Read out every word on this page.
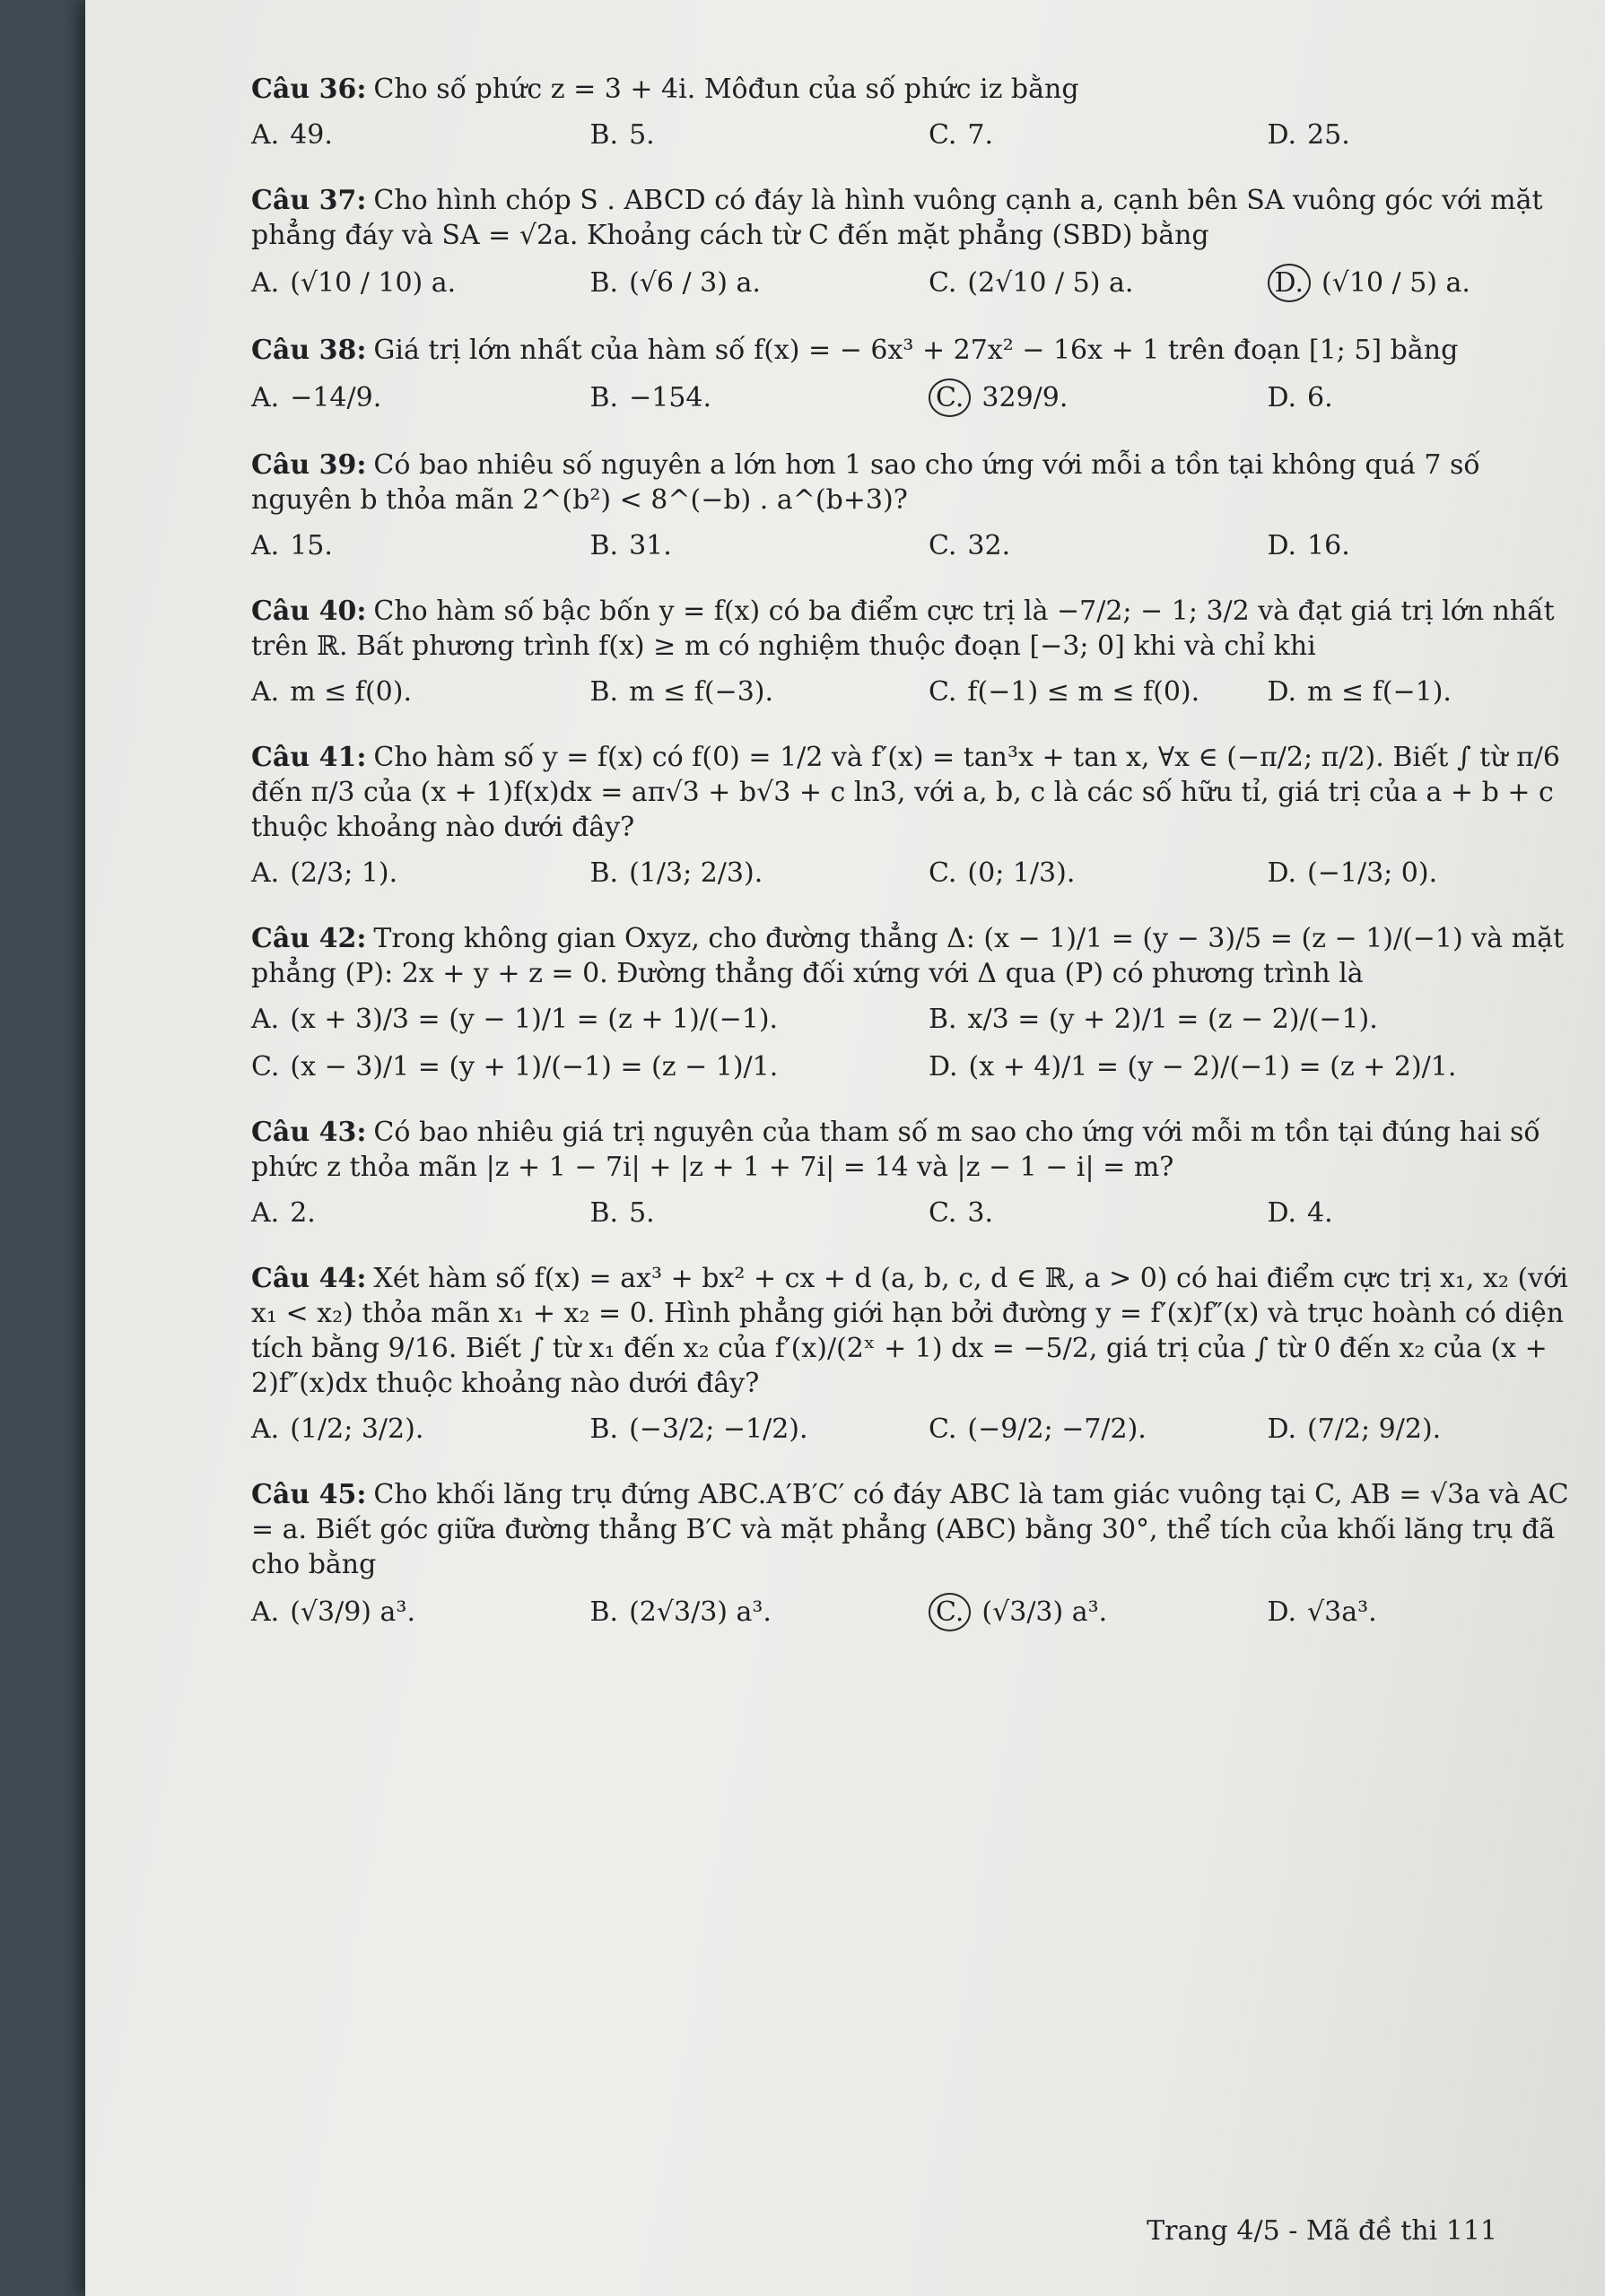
Câu 36: Cho số phức z = 3 + 4i. Môđun của số phức iz bằng
A. 49.	B. 5.	C. 7.	D. 25.
Câu 37: Cho hình chóp S . ABCD có đáy là hình vuông cạnh a, cạnh bên SA vuông góc với mặt phẳng đáy và SA = √2a. Khoảng cách từ C đến mặt phẳng (SBD) bằng
A. (√10 / 10) a.	B. (√6 / 3) a.	C. (2√10 / 5) a.	D. (√10 / 5) a.
Câu 38: Giá trị lớn nhất của hàm số f(x) = − 6x³ + 27x² − 16x + 1 trên đoạn [1; 5] bằng
A. −14/9.	B. −154.	C. 329/9.	D. 6.
Câu 39: Có bao nhiêu số nguyên a lớn hơn 1 sao cho ứng với mỗi a tồn tại không quá 7 số nguyên b thỏa mãn 2^(b²) < 8^(−b) . a^(b+3)?
A. 15.	B. 31.	C. 32.	D. 16.
Câu 40: Cho hàm số bậc bốn y = f(x) có ba điểm cực trị là −7/2; − 1; 3/2 và đạt giá trị lớn nhất trên ℝ. Bất phương trình f(x) ≥ m có nghiệm thuộc đoạn [−3; 0] khi và chỉ khi
A. m ≤ f(0).	B. m ≤ f(−3).	C. f(−1) ≤ m ≤ f(0).	D. m ≤ f(−1).
Câu 41: Cho hàm số y = f(x) có f(0) = 1/2 và f′(x) = tan³x + tan x, ∀x ∈ (−π/2; π/2). Biết ∫ từ π/6 đến π/3 của (x + 1)f(x)dx = aπ√3 + b√3 + c ln3, với a, b, c là các số hữu tỉ, giá trị của a + b + c thuộc khoảng nào dưới đây?
A. (2/3; 1).	B. (1/3; 2/3).	C. (0; 1/3).	D. (−1/3; 0).
Câu 42: Trong không gian Oxyz, cho đường thẳng Δ: (x − 1)/1 = (y − 3)/5 = (z − 1)/(−1) và mặt phẳng (P): 2x + y + z = 0. Đường thẳng đối xứng với Δ qua (P) có phương trình là
A. (x + 3)/3 = (y − 1)/1 = (z + 1)/(−1).	B. x/3 = (y + 2)/1 = (z − 2)/(−1).
C. (x − 3)/1 = (y + 1)/(−1) = (z − 1)/1.	D. (x + 4)/1 = (y − 2)/(−1) = (z + 2)/1.
Câu 43: Có bao nhiêu giá trị nguyên của tham số m sao cho ứng với mỗi m tồn tại đúng hai số phức z thỏa mãn |z + 1 − 7i| + |z + 1 + 7i| = 14 và |z − 1 − i| = m?
A. 2.	B. 5.	C. 3.	D. 4.
Câu 44: Xét hàm số f(x) = ax³ + bx² + cx + d (a, b, c, d ∈ ℝ, a > 0) có hai điểm cực trị x₁, x₂ (với x₁ < x₂) thỏa mãn x₁ + x₂ = 0. Hình phẳng giới hạn bởi đường y = f′(x)f″(x) và trục hoành có diện tích bằng 9/16. Biết ∫ từ x₁ đến x₂ của f′(x)/(2ˣ + 1) dx = −5/2, giá trị của ∫ từ 0 đến x₂ của (x + 2)f″(x)dx thuộc khoảng nào dưới đây?
A. (1/2; 3/2).	B. (−3/2; −1/2).	C. (−9/2; −7/2).	D. (7/2; 9/2).
Câu 45: Cho khối lăng trụ đứng ABC.A′B′C′ có đáy ABC là tam giác vuông tại C, AB = √3a và AC = a. Biết góc giữa đường thẳng B′C và mặt phẳng (ABC) bằng 30°, thể tích của khối lăng trụ đã cho bằng
A. (√3/9) a³.	B. (2√3/3) a³.	C. (√3/3) a³.	D. √3a³.
Trang 4/5 - Mã đề thi 111
